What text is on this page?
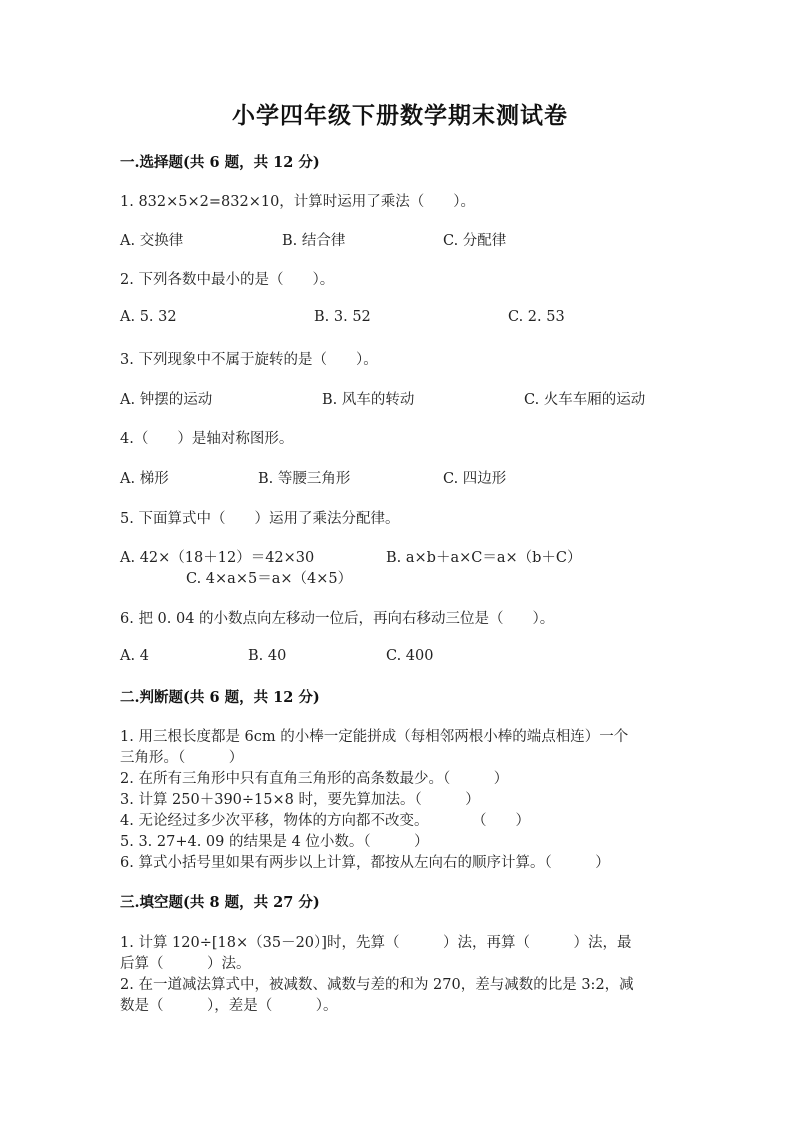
小学四年级下册数学期末测试卷
一.选择题(共 6 题，共 12 分)
1. 832×5×2=832×10，计算时运用了乘法（　　）。
A. 交换律	B. 结合律	C. 分配律
2. 下列各数中最小的是（　　）。
A. 5. 32	B. 3. 52	C. 2. 53
3. 下列现象中不属于旋转的是（　　）。
A. 钟摆的运动	B. 风车的转动	C. 火车车厢的运动
4.（　　）是轴对称图形。
A. 梯形	B. 等腰三角形	C. 四边形
5. 下面算式中（　　）运用了乘法分配律。
A. 42×（18＋12）＝42×30	B. a×b＋a×C＝a×（b＋C）
C. 4×a×5＝a×（4×5）
6. 把 0. 04 的小数点向左移动一位后，再向右移动三位是（　　）。
A. 4	B. 40	C. 400
二.判断题(共 6 题，共 12 分)
1. 用三根长度都是 6cm 的小棒一定能拼成（每相邻两根小棒的端点相连）一个
三角形。（　　　）
2. 在所有三角形中只有直角三角形的高条数最少。（　　　）
3. 计算 250＋390÷15×8 时，要先算加法。（　　　）
4. 无论经过多少次平移，物体的方向都不改变。　　　　（　　）
5. 3. 27+4. 09 的结果是 4 位小数。（　　　）
6. 算式小括号里如果有两步以上计算，都按从左向右的顺序计算。（　　　）
三.填空题(共 8 题，共 27 分)
1. 计算 120÷[18×（35－20）]时，先算（　　　）法，再算（　　　）法，最
后算（　　　）法。
2. 在一道减法算式中，被减数、减数与差的和为 270，差与减数的比是 3:2，减
数是（　　　），差是（　　　）。
